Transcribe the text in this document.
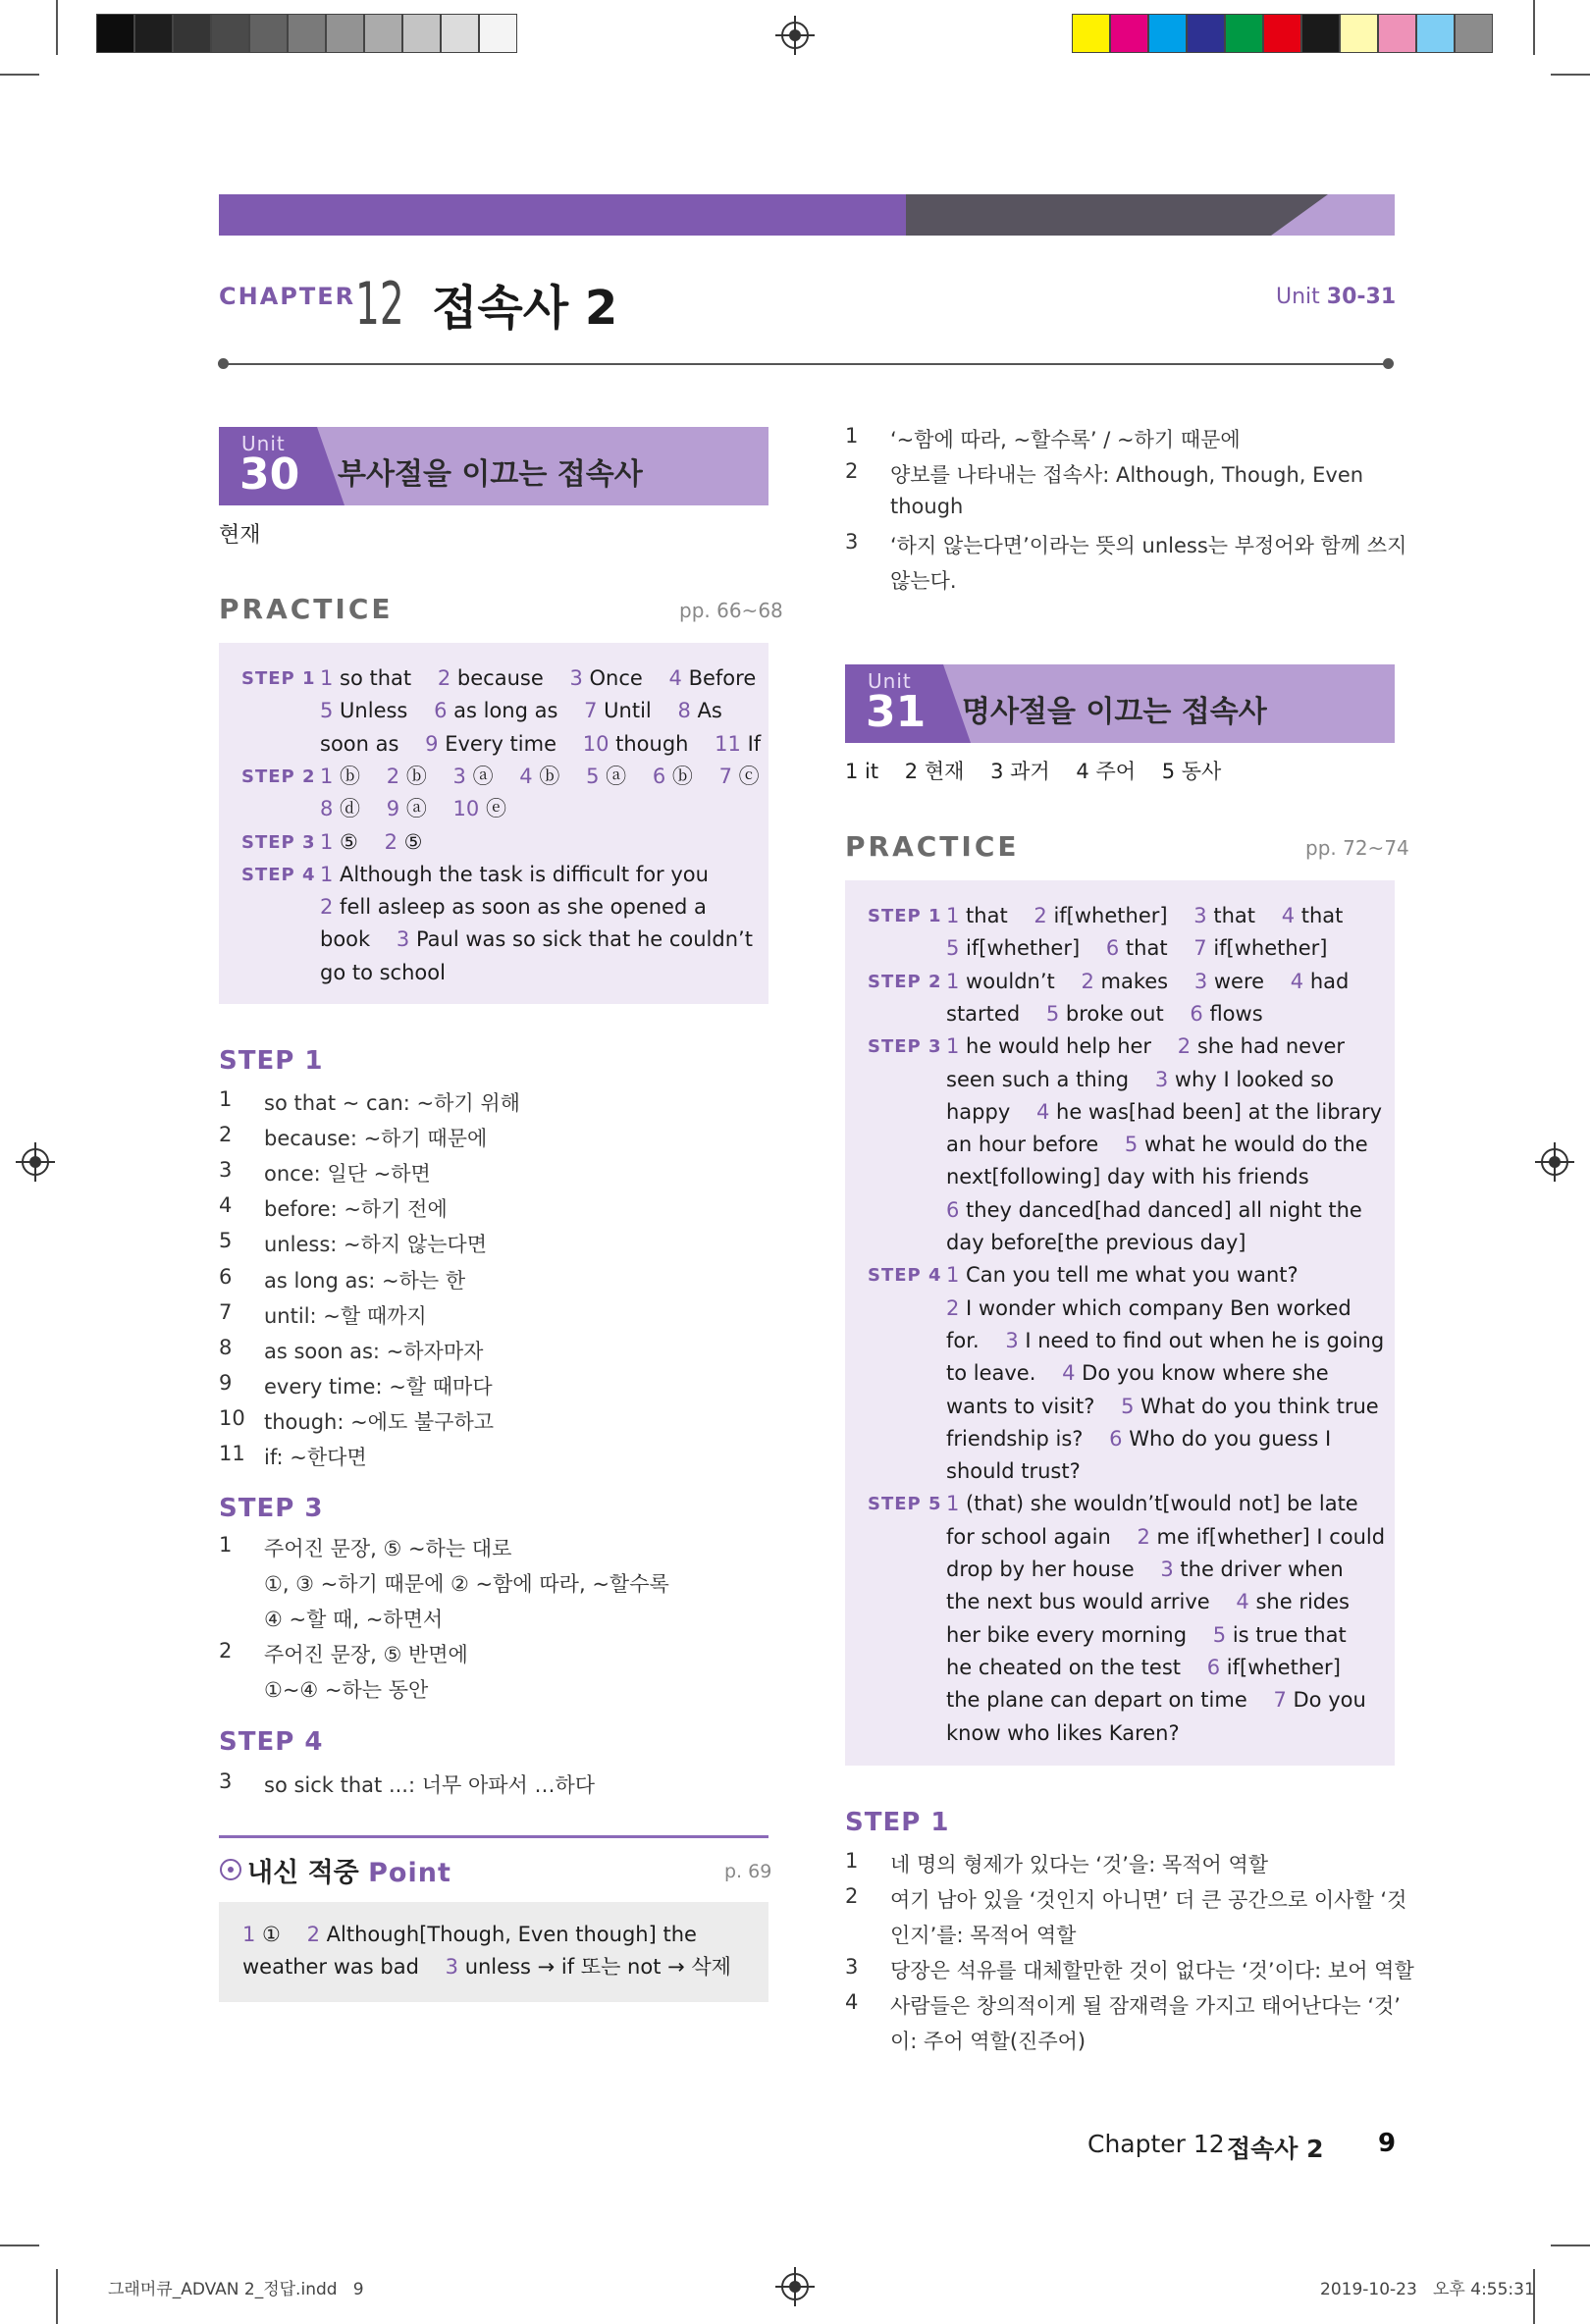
그래머큐_ADVAN 2_정답.indd   9	2019-10-23   오후 4:55:31
CHAPTER 12 접속사 2	Unit 30-31
Unit
30 부사절을 이끄는 접속사
현재
PRACTICE	pp. 66~68
STEP 1 1 so that    2 because    3 Once    4 Before
5 Unless    6 as long as    7 Until    8 As
soon as    9 Every time    10 though    11 If
STEP 2 1 ⓑ    2 ⓑ    3 ⓐ    4 ⓑ    5 ⓐ    6 ⓑ    7 ⓒ
8 ⓓ    9 ⓐ    10 ⓔ
STEP 3 1 ⑤    2 ⑤
STEP 4 1 Although the task is difficult for you
2 fell asleep as soon as she opened a
book    3 Paul was so sick that he couldn’t
go to school
STEP 1
1 so that ~ can: ~하기 위해
2 because: ~하기 때문에
3 once: 일단 ~하면
4 before: ~하기 전에
5 unless: ~하지 않는다면
6 as long as: ~하는 한
7 until: ~할 때까지
8 as soon as: ~하자마자
9 every time: ~할 때마다
10 though: ~에도 불구하고
11 if: ~한다면
STEP 3
1 주어진 문장, ⑤ ~하는 대로
①, ③ ~하기 때문에 ② ~함에 따라, ~할수록
④ ~할 때, ~하면서
2 주어진 문장, ⑤ 반면에
①~④ ~하는 동안
STEP 4
3 so sick that ...: 너무 아파서 …하다
내신 적중 Point	p. 69
1 ①    2 Although[Though, Even though] the
weather was bad    3 unless → if 또는 not → 삭제
1 ‘~함에 따라, ~할수록’ / ~하기 때문에
2 양보를 나타내는 접속사: Although, Though, Even
though
3 ‘하지 않는다면’이라는 뜻의 unless는 부정어와 함께 쓰지
않는다.
Unit
31 명사절을 이끄는 접속사
1 it    2 현재    3 과거    4 주어    5 동사
PRACTICE	pp. 72~74
STEP 1 1 that    2 if[whether]    3 that    4 that
5 if[whether]    6 that    7 if[whether]
STEP 2 1 wouldn’t    2 makes    3 were    4 had
started    5 broke out    6 flows
STEP 3 1 he would help her    2 she had never
seen such a thing    3 why I looked so
happy    4 he was[had been] at the library
an hour before    5 what he would do the
next[following] day with his friends
6 they danced[had danced] all night the
day before[the previous day]
STEP 4 1 Can you tell me what you want?
2 I wonder which company Ben worked
for.    3 I need to find out when he is going
to leave.    4 Do you know where she
wants to visit?    5 What do you think true
friendship is?    6 Who do you guess I
should trust?
STEP 5 1 (that) she wouldn’t[would not] be late
for school again    2 me if[whether] I could
drop by her house    3 the driver when
the next bus would arrive    4 she rides
her bike every morning    5 is true that
he cheated on the test    6 if[whether]
the plane can depart on time    7 Do you
know who likes Karen?
STEP 1
1 네 명의 형제가 있다는 ‘것’을: 목적어 역할
2 여기 남아 있을 ‘것인지 아니면’ 더 큰 공간으로 이사할 ‘것
인지’를: 목적어 역할
3 당장은 석유를 대체할만한 것이 없다는 ‘것’이다: 보어 역할
4 사람들은 창의적이게 될 잠재력을 가지고 태어난다는 ‘것’
이: 주어 역할(진주어)
Chapter 12 접속사 2 9
